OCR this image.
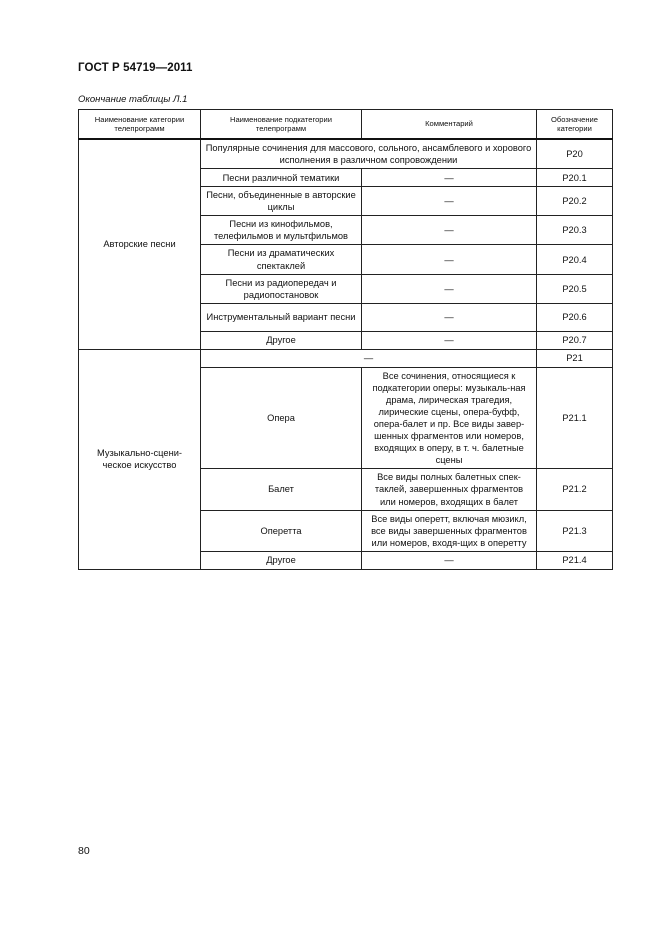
ГОСТ Р 54719—2011
Окончание таблицы Л.1
Наименование категории телепрограмм	Наименование подкатегории телепрограмм	Комментарий	Обозначение категории
Авторские песни	Популярные сочинения для массового, сольного, ансамблевого и хорового исполнения в различном сопровождении		Р20
	Песни различной тематики	—	Р20.1
	Песни, объединенные в авторские циклы	—	Р20.2
	Песни из кинофильмов, телефильмов и мультфильмов	—	Р20.3
	Песни из драматических спектаклей	—	Р20.4
	Песни из радиопередач и радиопостановок	—	Р20.5
	Инструментальный вариант песни	—	Р20.6
	Другое	—	Р20.7
Музыкально-сцени-ческое искусство	—		Р21
	Опера	Все сочинения, относящиеся к подкатегории оперы: музыкаль-ная драма, лирическая трагедия, лирические сцены, опера-буфф, опера-балет и пр. Все виды завер-шенных фрагментов или номеров, входящих в оперу, в т. ч. балетные сцены	Р21.1
	Балет	Все виды полных балетных спек-таклей, завершенных фрагментов или номеров, входящих в балет	Р21.2
	Оперетта	Все виды оперетт, включая мюзикл, все виды завершенных фрагментов или номеров, входя-щих в оперетту	Р21.3
	Другое	—	Р21.4
80
